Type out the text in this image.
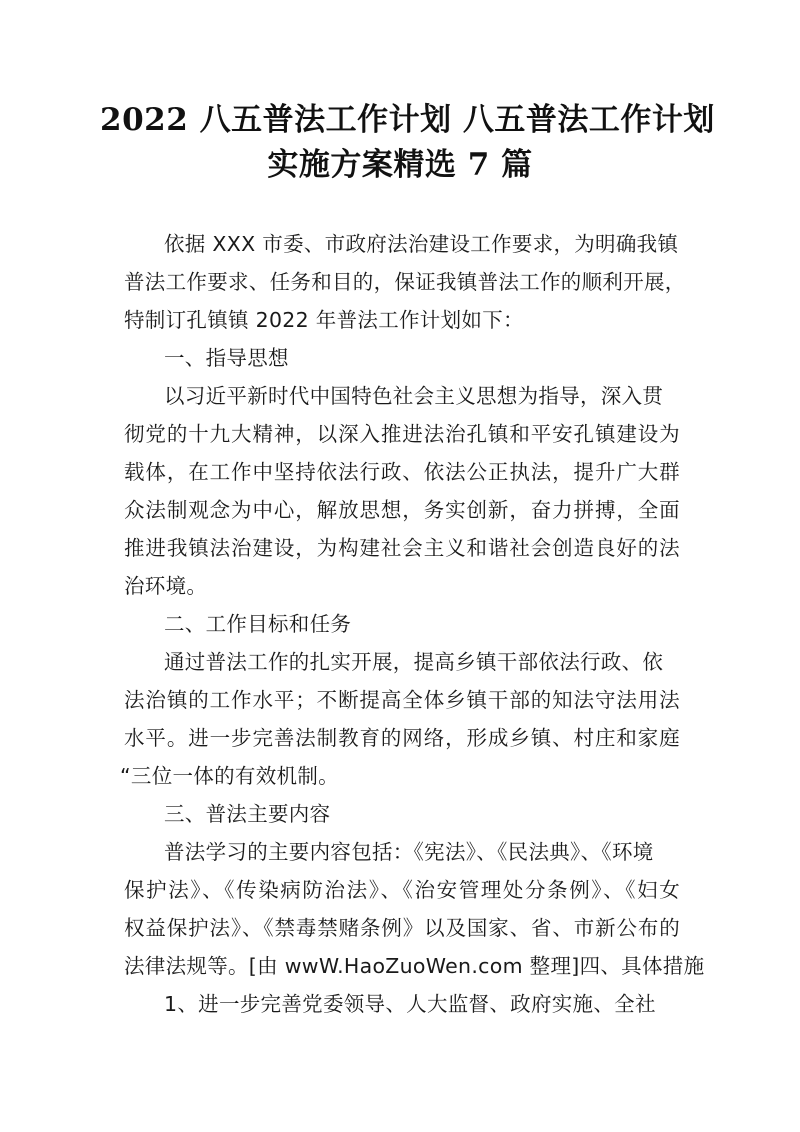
2022 八五普法工作计划 八五普法工作计划
实施方案精选 7 篇
依据 XXX 市委、市政府法治建设工作要求，为明确我镇
普法工作要求、任务和目的，保证我镇普法工作的顺利开展，
特制订孔镇镇 2022 年普法工作计划如下：
一、指导思想
以习近平新时代中国特色社会主义思想为指导，深入贯
彻党的十九大精神，以深入推进法治孔镇和平安孔镇建设为
载体，在工作中坚持依法行政、依法公正执法，提升广大群
众法制观念为中心，解放思想，务实创新，奋力拼搏，全面
推进我镇法治建设，为构建社会主义和谐社会创造良好的法
治环境。
二、工作目标和任务
通过普法工作的扎实开展，提高乡镇干部依法行政、依
法治镇的工作水平；不断提高全体乡镇干部的知法守法用法
水平。进一步完善法制教育的网络，形成乡镇、村庄和家庭
“三位一体的有效机制。
三、普法主要内容
普法学习的主要内容包括：《宪法》、《民法典》、《环境
保护法》、《传染病防治法》、《治安管理处分条例》、《妇女
权益保护法》、《禁毒禁赌条例》以及国家、省、市新公布的
法律法规等。[由 wwW.HaoZuoWen.com 整理]四、具体措施
1、进一步完善党委领导、人大监督、政府实施、全社
